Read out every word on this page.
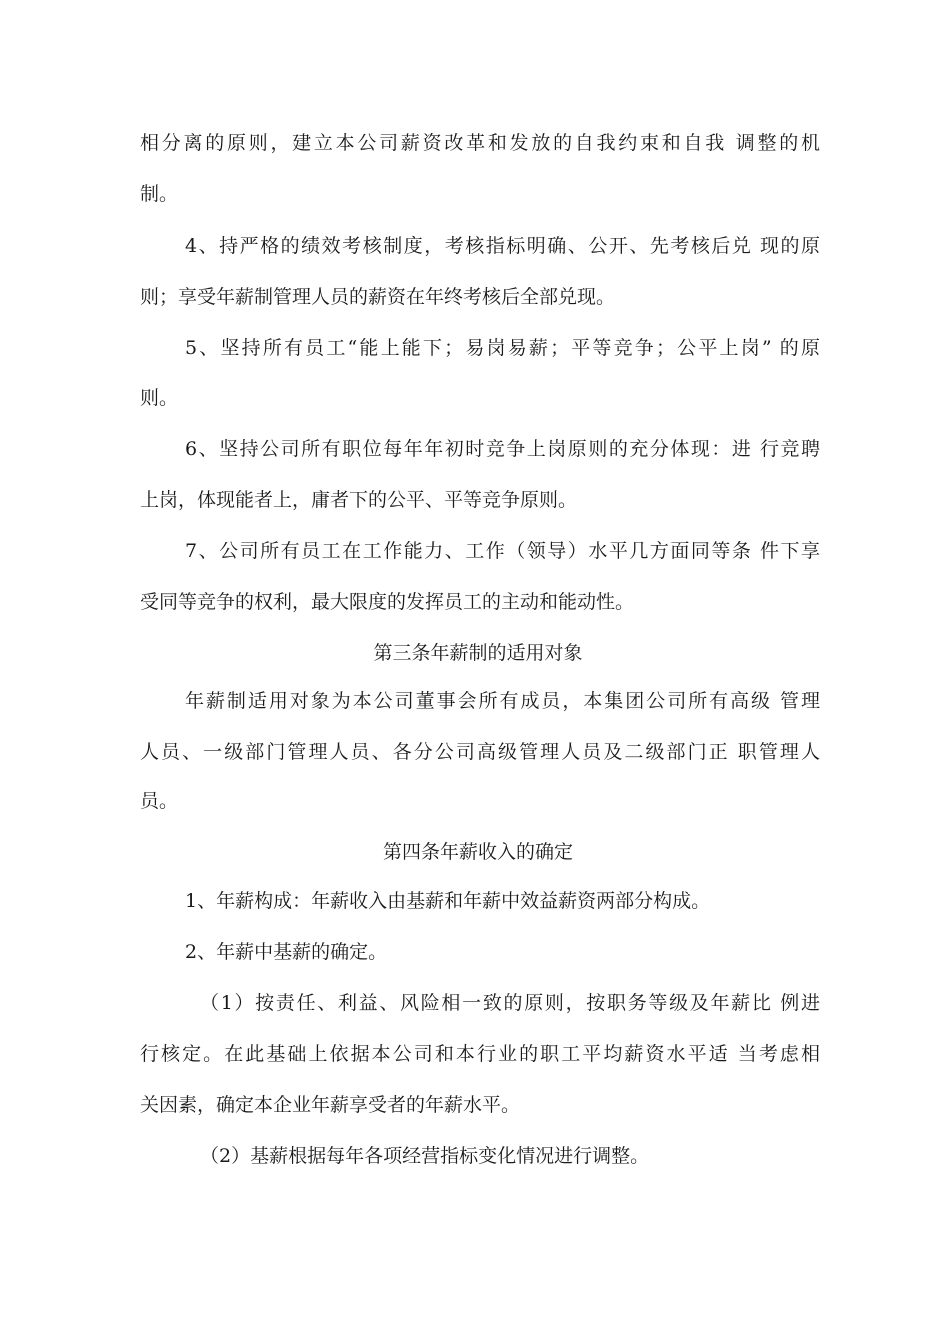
相分离的原则，建立本公司薪资改革和发放的自我约束和自我 调整的机
制。
4、持严格的绩效考核制度，考核指标明确、公开、先考核后兑 现的原
则；享受年薪制管理人员的薪资在年终考核后全部兑现。
5、坚持所有员工“能上能下；易岗易薪；平等竞争；公平上岗” 的原
则。
6、坚持公司所有职位每年年初时竞争上岗原则的充分体现：进 行竞聘
上岗，体现能者上，庸者下的公平、平等竞争原则。
7、公司所有员工在工作能力、工作（领导）水平几方面同等条 件下享
受同等竞争的权利，最大限度的发挥员工的主动和能动性。
第三条年薪制的适用对象
年薪制适用对象为本公司董事会所有成员，本集团公司所有高级 管理
人员、一级部门管理人员、各分公司高级管理人员及二级部门正 职管理人
员。
第四条年薪收入的确定
1、年薪构成：年薪收入由基薪和年薪中效益薪资两部分构成。
2、年薪中基薪的确定。
（1）按责任、利益、风险相一致的原则，按职务等级及年薪比 例进
行核定。在此基础上依据本公司和本行业的职工平均薪资水平适 当考虑相
关因素，确定本企业年薪享受者的年薪水平。
（2）基薪根据每年各项经营指标变化情况进行调整。
